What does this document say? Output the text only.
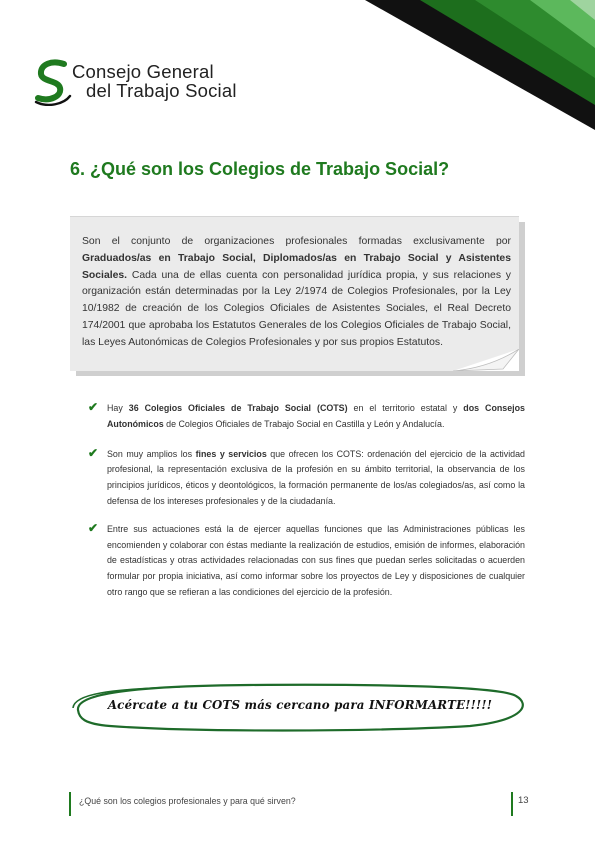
Consejo General
del Trabajo Social
6. ¿Qué son los Colegios de Trabajo Social?

Son el conjunto de organizaciones profesionales formadas exclusivamente por Graduados/as en Trabajo Social, Diplomados/as en Trabajo Social y Asistentes Sociales. Cada una de ellas cuenta con personalidad jurídica propia, y sus relaciones y organización están determinadas por la Ley 2/1974 de Colegios Profesionales, por la Ley 10/1982 de creación de los Colegios Oficiales de Asistentes Sociales, el Real Decreto 174/2001 que aprobaba los Estatutos Generales de los Colegios Oficiales de Trabajo Social, las Leyes Autonómicas de Colegios Profesionales y por sus propios Estatutos.

✔ Hay 36 Colegios Oficiales de Trabajo Social (COTS) en el territorio estatal y dos Consejos Autonómicos de Colegios Oficiales de Trabajo Social en Castilla y León y Andalucía.
✔ Son muy amplios los fines y servicios que ofrecen los COTS: ordenación del ejercicio de la actividad profesional, la representación exclusiva de la profesión en su ámbito territorial, la observancia de los principios jurídicos, éticos y deontológicos, la formación permanente de los/as colegiados/as, así como la defensa de los intereses profesionales y de la ciudadanía.
✔ Entre sus actuaciones está la de ejercer aquellas funciones que las Administraciones públicas les encomienden y colaborar con éstas mediante la realización de estudios, emisión de informes, elaboración de estadísticas y otras actividades relacionadas con sus fines que puedan serles solicitadas o acuerden formular por propia iniciativa, así como informar sobre los proyectos de Ley y disposiciones de cualquier otro rango que se refieran a las condiciones del ejercicio de la profesión.
Acércate a tu COTS más cercano para INFORMARTE!!!!!
¿Qué son los colegios profesionales y para qué sirven?	13
